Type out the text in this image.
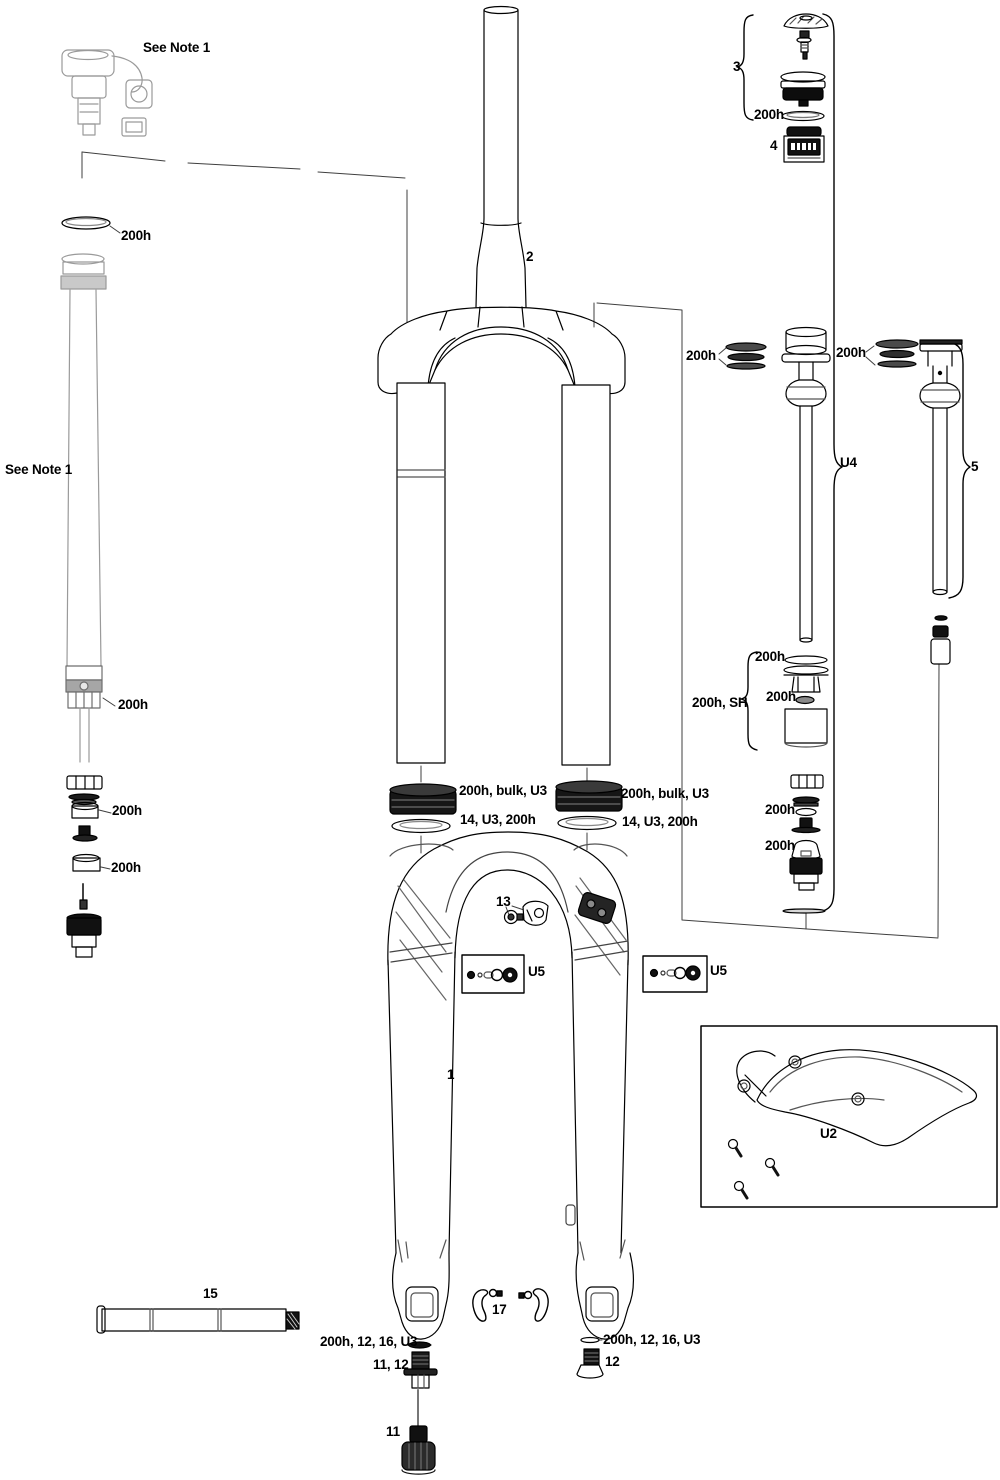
See Note 1
See Note 1
200h
2
3
200h
4
200h	200h
U4	5
200h	200h, SH
200h
200h
200h
200h
200h
200h
200h, bulk, U3
14, U3, 200h
200h, bulk, U3
14, U3, 200h
13
U5	U5
1
U2
15
17
200h, 12, 16, U3
11, 12
11
200h, 12, 16, U3
12
